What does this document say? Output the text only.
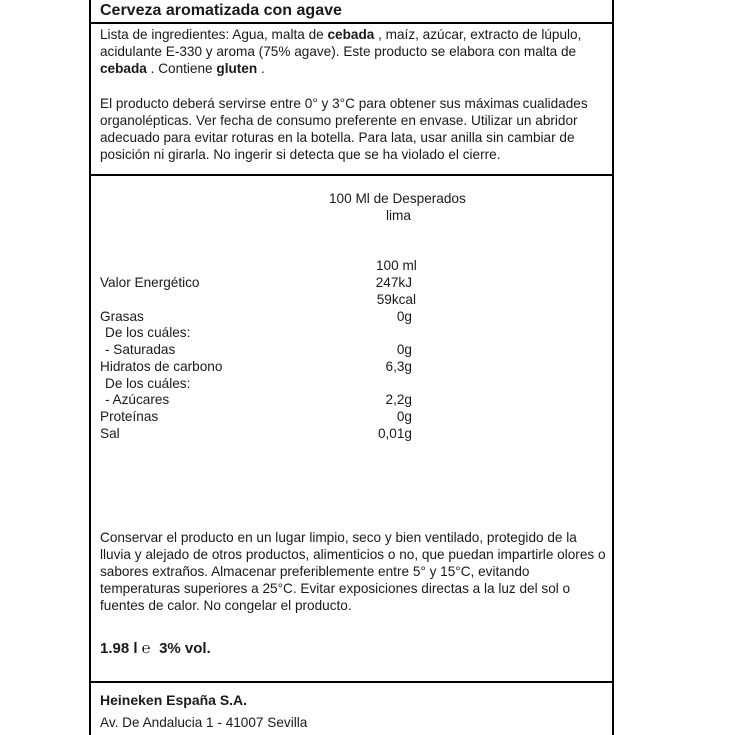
Cerveza aromatizada con agave
Lista de ingredientes: Agua, malta de cebada , maíz, azúcar, extracto de lúpulo, acidulante E-330 y aroma (75% agave). Este producto se elabora con malta de cebada . Contiene gluten .
El producto deberá servirse entre 0° y 3°C para obtener sus máximas cualidades organolépticas. Ver fecha de consumo preferente en envase. Utilizar un abridor adecuado para evitar roturas en la botella. Para lata, usar anilla sin cambiar de posición ni girarla. No ingerir si detecta que se ha violado el cierre.
100 Ml de Desperados
lima
100 ml
Valor Energético	247kJ
59kcal
Grasas	0g
De los cuáles:
- Saturadas	0g
Hidratos de carbono	6,3g
De los cuáles:
- Azúcares	2,2g
Proteínas	0g
Sal	0,01g
Conservar el producto en un lugar limpio, seco y bien ventilado, protegido de la lluvia y alejado de otros productos, alimenticios o no, que puedan impartirle olores o sabores extraños. Almacenar preferiblemente entre 5° y 15°C, evitando temperaturas superiores a 25°C. Evitar exposiciones directas a la luz del sol o fuentes de calor. No congelar el producto.
1.98 l ℮ 3% vol.
Heineken España S.A.
Av. De Andalucia 1 - 41007 Sevilla
